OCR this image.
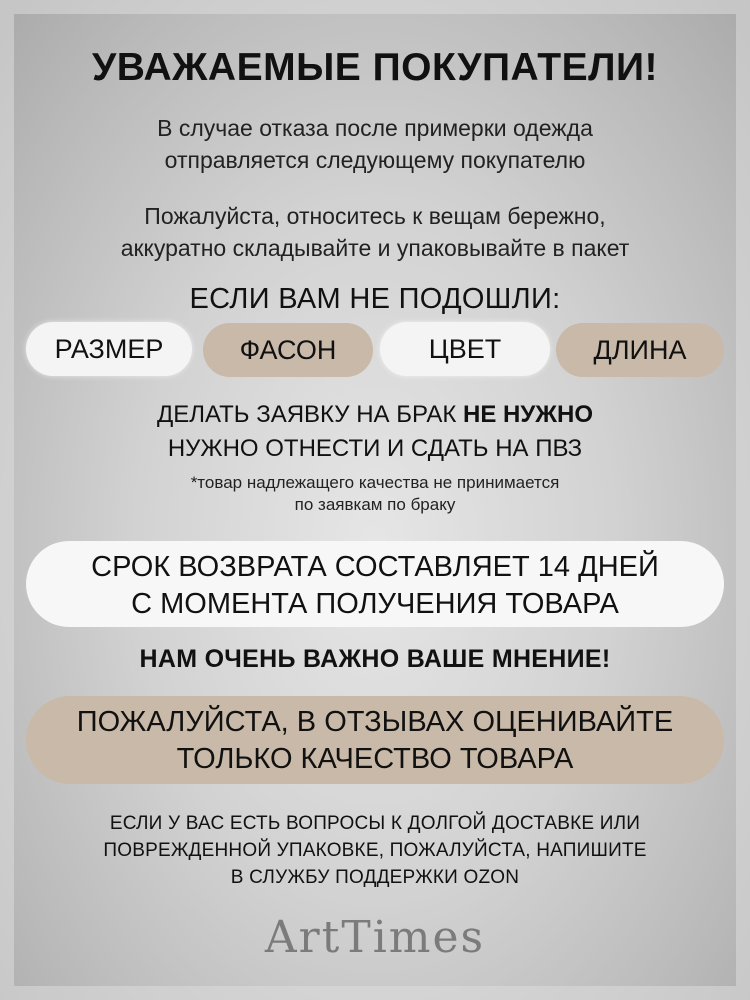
УВАЖАЕМЫЕ ПОКУПАТЕЛИ!
В случае отказа после примерки одежда
отправляется следующему покупателю
Пожалуйста, относитесь к вещам бережно,
аккуратно складывайте и упаковывайте в пакет
ЕСЛИ ВАМ НЕ ПОДОШЛИ:
РАЗМЕР	ФАСОН	ЦВЕТ	ДЛИНА
ДЕЛАТЬ ЗАЯВКУ НА БРАК НЕ НУЖНО
НУЖНО ОТНЕСТИ И СДАТЬ НА ПВЗ
*товар надлежащего качества не принимается
по заявкам по браку
СРОК ВОЗВРАТА СОСТАВЛЯЕТ 14 ДНЕЙ
С МОМЕНТА ПОЛУЧЕНИЯ ТОВАРА
НАМ ОЧЕНЬ ВАЖНО ВАШЕ МНЕНИЕ!
ПОЖАЛУЙСТА, В ОТЗЫВАХ ОЦЕНИВАЙТЕ
ТОЛЬКО КАЧЕСТВО ТОВАРА
ЕСЛИ У ВАС ЕСТЬ ВОПРОСЫ К ДОЛГОЙ ДОСТАВКЕ ИЛИ
ПОВРЕЖДЕННОЙ УПАКОВКЕ, ПОЖАЛУЙСТА, НАПИШИТЕ
В СЛУЖБУ ПОДДЕРЖКИ OZON
ArtTimes
